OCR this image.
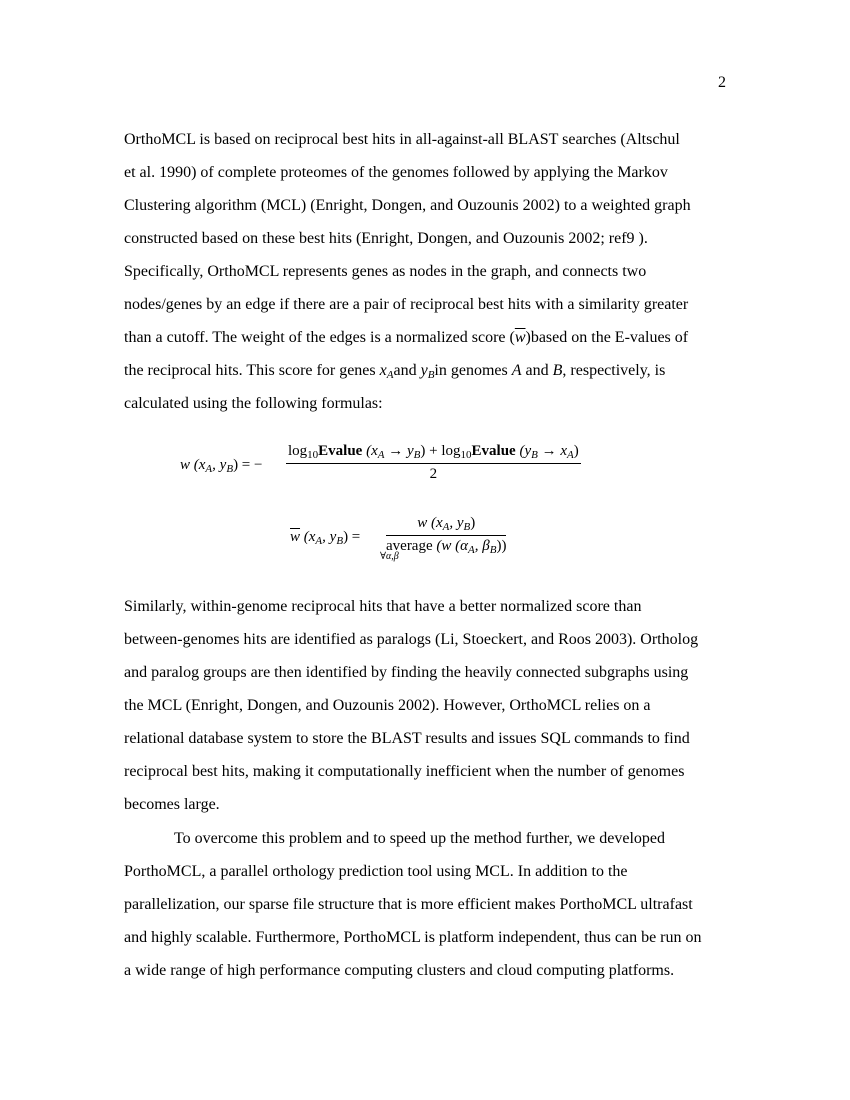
2
OrthoMCL is based on reciprocal best hits in all-against-all BLAST searches (Altschul
et al. 1990) of complete proteomes of the genomes followed by applying the Markov
Clustering algorithm (MCL) (Enright, Dongen, and Ouzounis 2002) to a weighted graph
constructed based on these best hits (Enright, Dongen, and Ouzounis 2002; ref9 ).
Specifically, OrthoMCL represents genes as nodes in the graph, and connects two
nodes/genes by an edge if there are a pair of reciprocal best hits with a similarity greater
than a cutoff. The weight of the edges is a normalized score $(\overline{w})based$ on the E-values of
the reciprocal hits. This score for genes $x_Aand$ $y_Bin$ genomes A and B, respectively, is
calculated using the following formulas:
w ($x_A$, $y_B$) = −
$\log_{10}Evalue$ $(x_A \to y_B)$ + $\log_{10}Evalue$ $(y_B \to x_A)$
2
$\overline{w}$ ($x_A$, $y_B$) =
w ($x_A$, $y_B$)
average
∀α,β
(w ($\alpha_A$, $\beta_B$))
Similarly, within-genome reciprocal hits that have a better normalized score than
between-genomes hits are identified as paralogs (Li, Stoeckert, and Roos 2003). Ortholog
and paralog groups are then identified by finding the heavily connected subgraphs using
the MCL (Enright, Dongen, and Ouzounis 2002). However, OrthoMCL relies on a
relational database system to store the BLAST results and issues SQL commands to find
reciprocal best hits, making it computationally inefficient when the number of genomes
becomes large.
To overcome this problem and to speed up the method further, we developed
PorthoMCL, a parallel orthology prediction tool using MCL. In addition to the
parallelization, our sparse file structure that is more efficient makes PorthoMCL ultrafast
and highly scalable. Furthermore, PorthoMCL is platform independent, thus can be run on
a wide range of high performance computing clusters and cloud computing platforms.
